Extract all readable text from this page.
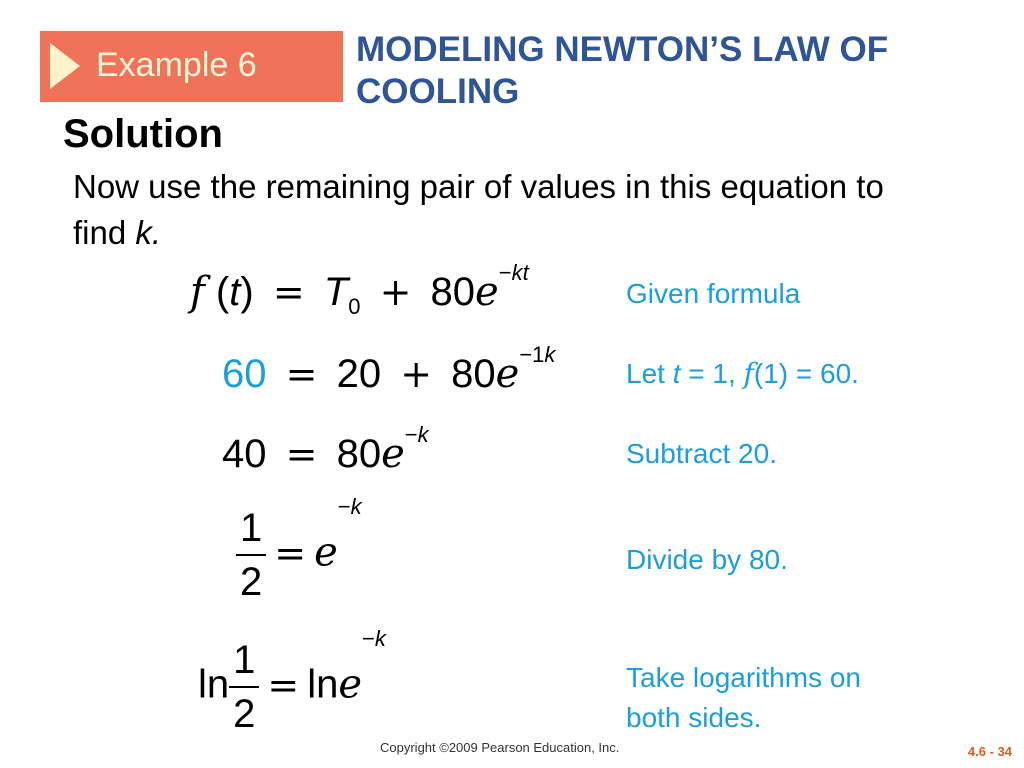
Example 6	MODELING NEWTON’S LAW OF COOLING
Solution
Now use the remaining pair of values in this equation to find k.
f $(t) = T_0 + 80e^{-kt}$
Given formula
$60 = 20 + 80e^{-1k}$
Let t = 1, f(1) = 60.
$40 = 80e^{-k}$
Subtract 20.
$\frac{1}{2} = e^{-k}$
Divide by 80.
$\ln \frac{1}{2} = \ln e^{-k}$
Take logarithms on
both sides.
Copyright ©2009 Pearson Education, Inc.	4.6 - 34
